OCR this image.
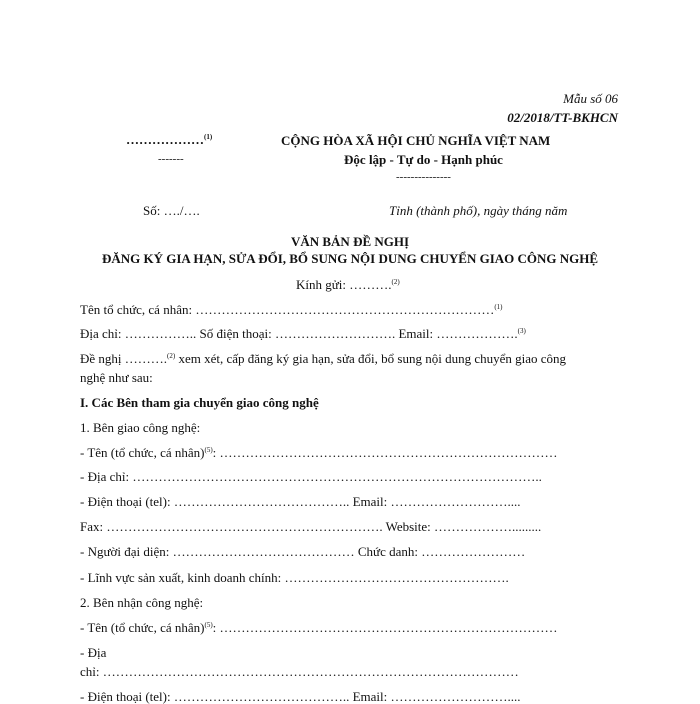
Mẫu số 06
02/2018/TT-BKHCN
………………$^{(1)}$
-------
CỘNG HÒA XÃ HỘI CHỦ NGHĨA VIỆT NAM
Độc lập - Tự do - Hạnh phúc
---------------
Số: …./….	Tỉnh (thành phố), ngày tháng năm
VĂN BẢN ĐỀ NGHỊ
ĐĂNG KÝ GIA HẠN, SỬA ĐỔI, BỔ SUNG NỘI DUNG CHUYỂN GIAO CÔNG NGHỆ
Kính gửi: ……….$^{(2)}$
Tên tổ chức, cá nhân: ……………………………………………………………$^{(1)}$
Địa chỉ: …………….. Số điện thoại: ………………………. Email: ……………….$^{(3)}$
Đề nghị ……….$^{(2)}$ xem xét, cấp đăng ký gia hạn, sửa đổi, bổ sung nội dung chuyển giao công
nghệ như sau:
I. Các Bên tham gia chuyển giao công nghệ
1. Bên giao công nghệ:
- Tên (tổ chức, cá nhân)$^{(5)}$: ……………………………………………………………………
- Địa chỉ: …………………………………………………………………………………..
- Điện thoại (tel): ………………………………….. Email: ………………………....
Fax: ………………………………………………………. Website: ……………….........
- Người đại diện: …………………………………… Chức danh: ……………………
- Lĩnh vực sản xuất, kinh doanh chính: …………………………………………….
2. Bên nhận công nghệ:
- Tên (tổ chức, cá nhân)$^{(5)}$: ……………………………………………………………………
- Địa
chỉ: ……………………………………………………………………………………
- Điện thoại (tel): ………………………………….. Email: ………………………....
